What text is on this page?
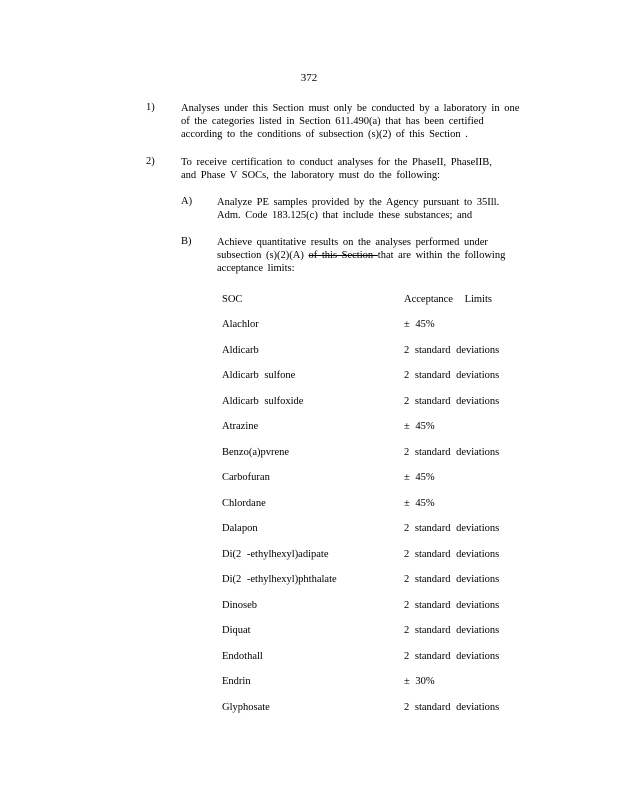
372
1)	Analyses under this Section must only be conducted by a laboratory in one
of the categories listed in Section 611.490(a) that has been certified
according to the conditions of subsection (s)(2) of this Section .
2)	To receive certification to conduct analyses for the PhaseII, PhaseIIB,
and Phase V SOCs, the laboratory must do the following:
A) Analyze PE samples provided by the Agency pursuant to 35Ill.
Adm. Code 183.125(c) that include these substances; and
B) Achieve quantitative results on the analyses performed under
subsection (s)(2)(A) of this Section that are within the following
acceptance limits:
SOC	Acceptance Limits
Alachlor	± 45%
Aldicarb	2 standard deviations
Aldicarb sulfone	2 standard deviations
Aldicarb sulfoxide	2 standard deviations
Atrazine	± 45%
Benzo(a)pvrene	2 standard deviations
Carbofuran	± 45%
Chlordane	± 45%
Dalapon	2 standard deviations
Di(2 -ethylhexyl)adipate	2 standard deviations
Di(2 -ethylhexyl)phthalate	2 standard deviations
Dinoseb	2 standard deviations
Diquat	2 standard deviations
Endothall	2 standard deviations
Endrin	± 30%
Glyphosate	2 standard deviations
